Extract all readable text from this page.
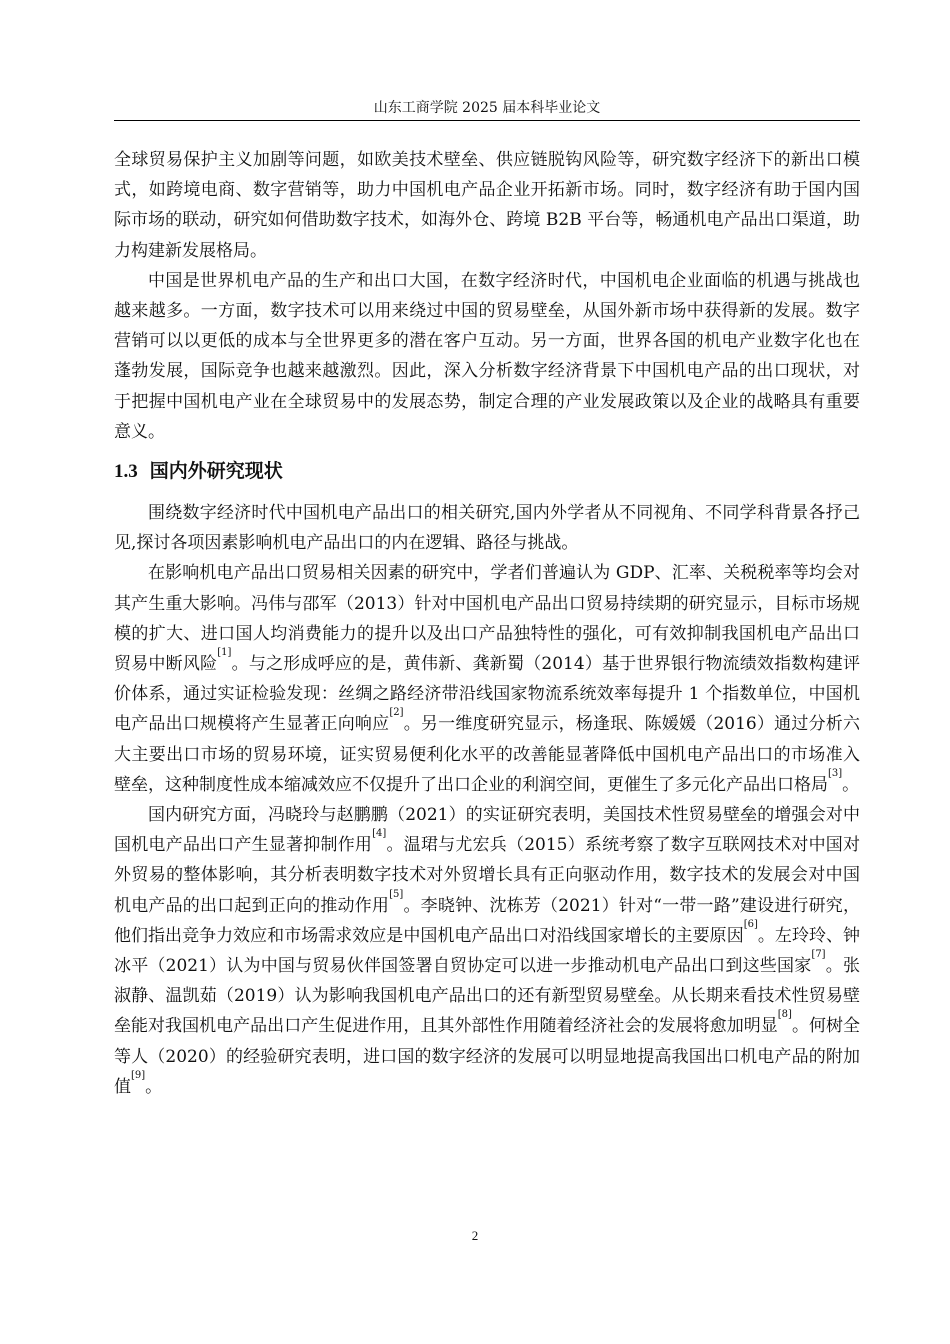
山东工商学院 2025 届本科毕业论文

全球贸易保护主义加剧等问题，如欧美技术壁垒、供应链脱钩风险等，研究数字经济下的新出口模式，如跨境电商、数字营销等，助力中国机电产品企业开拓新市场。同时，数字经济有助于国内国际市场的联动，研究如何借助数字技术，如海外仓、跨境 B2B 平台等，畅通机电产品出口渠道，助力构建新发展格局。

中国是世界机电产品的生产和出口大国，在数字经济时代，中国机电企业面临的机遇与挑战也越来越多。一方面，数字技术可以用来绕过中国的贸易壁垒，从国外新市场中获得新的发展。数字营销可以以更低的成本与全世界更多的潜在客户互动。另一方面，世界各国的机电产业数字化也在蓬勃发展，国际竞争也越来越激烈。因此，深入分析数字经济背景下中国机电产品的出口现状，对于把握中国机电产业在全球贸易中的发展态势，制定合理的产业发展政策以及企业的战略具有重要意义。

1.3 国内外研究现状

围绕数字经济时代中国机电产品出口的相关研究,国内外学者从不同视角、不同学科背景各抒己见,探讨各项因素影响机电产品出口的内在逻辑、路径与挑战。

在影响机电产品出口贸易相关因素的研究中，学者们普遍认为 GDP、汇率、关税税率等均会对其产生重大影响。冯伟与邵军（2013）针对中国机电产品出口贸易持续期的研究显示，目标市场规模的扩大、进口国人均消费能力的提升以及出口产品独特性的强化，可有效抑制我国机电产品出口贸易中断风险[1]。与之形成呼应的是，黄伟新、龚新蜀（2014）基于世界银行物流绩效指数构建评价体系，通过实证检验发现：丝绸之路经济带沿线国家物流系统效率每提升 1 个指数单位，中国机电产品出口规模将产生显著正向响应[2]。另一维度研究显示，杨逢珉、陈媛媛（2016）通过分析六大主要出口市场的贸易环境，证实贸易便利化水平的改善能显著降低中国机电产品出口的市场准入壁垒，这种制度性成本缩减效应不仅提升了出口企业的利润空间，更催生了多元化产品出口格局[3]。

国内研究方面，冯晓玲与赵鹏鹏（2021）的实证研究表明，美国技术性贸易壁垒的增强会对中国机电产品出口产生显著抑制作用[4]。温珺与尤宏兵（2015）系统考察了数字互联网技术对中国对外贸易的整体影响，其分析表明数字技术对外贸增长具有正向驱动作用，数字技术的发展会对中国机电产品的出口起到正向的推动作用[5]。李晓钟、沈栋芳（2021）针对“一带一路”建设进行研究，他们指出竞争力效应和市场需求效应是中国机电产品出口对沿线国家增长的主要原因[6]。左玲玲、钟冰平（2021）认为中国与贸易伙伴国签署自贸协定可以进一步推动机电产品出口到这些国家[7]。张淑静、温凯茹（2019）认为影响我国机电产品出口的还有新型贸易壁垒。从长期来看技术性贸易壁垒能对我国机电产品出口产生促进作用，且其外部性作用随着经济社会的发展将愈加明显[8]。何树全等人（2020）的经验研究表明，进口国的数字经济的发展可以明显地提高我国出口机电产品的附加值[9]。

2
